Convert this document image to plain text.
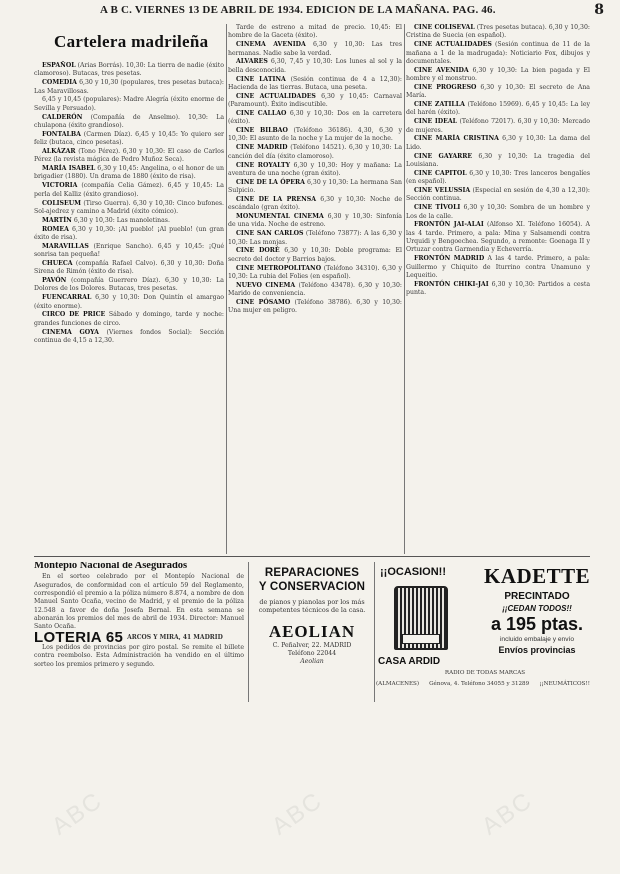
A B C. VIERNES 13 DE ABRIL DE 1934. EDICION DE LA MAÑANA. PAG. 46.	8
Cartelera madrileña

ESPAÑOL (Arias Borrás). 10,30: La tierra de nadie (éxito clamoroso). Butacas, tres pesetas.

COMEDIA 6,30 y 10,30 (populares, tres pesetas butaca): Las Maravillosas.

6,45 y 10,45 (populares): Madre Alegría (éxito enorme de Sevilla y Persuado).

CALDERÓN (Compañía de Anselmo). 10,30: La chulapona (éxito grandioso).

FONTALBA (Carmen Díaz). 6,45 y 10,45: Yo quiero ser feliz (butaca, cinco pesetas).

ALKÁZAR (Tono Pérez). 6,30 y 10,30: El caso de Carlos Pérez (la revista mágica de Pedro Muñoz Seca).

MARÍA ISABEL 6,30 y 10,45: Angelina, o el honor de un brigadier (1880). Un drama de 1880 (éxito de risa).

VICTORIA (compañía Celia Gámez). 6,45 y 10,45: La perla del Kalliz (éxito grandioso).

COLISEUM (Tirso Guerra). 6,30 y 10,30: Cinco bufones. Sol-ajedrez y camino a Madrid (éxito cómico).

MARTÍN 6,30 y 10,30: Las manoletinas.

ROMEA 6,30 y 10,30: ¡Al pueblo! ¡Al pueblo! (un gran éxito de risa).

MARAVILLAS (Enrique Sancho). 6,45 y 10,45: ¡Qué sonrisa tan pequeña!

CHUECA (compañía Rafael Calvo). 6,30 y 10,30: Doña Sirena de Rimón (éxito de risa).

PAVÓN (compañía Guerrero Díaz). 6,30 y 10,30: La Dolores de los Dolores. Butacas, tres pesetas.

FUENCARRAL 6,30 y 10,30: Don Quintín el amargao (éxito enorme).

CIRCO DE PRICE Sábado y domingo, tarde y noche: grandes funciones de circo.

CINEMA GOYA (Viernes fondos Social): Sección continua de 4,15 a 12,30.

Tarde de estreno a mitad de precio. 10,45: El hombre de la Gaceta (éxito).

CINEMA AVENIDA 6,30 y 10,30: Las tres hermanas. Nadie sabe la verdad.

ALVARES 6,30, 7,45 y 10,30: Los lunes al sol y la bella desconocida.

CINE LATINA (Sesión continua de 4 a 12,30): Hacienda de las tierras. Butaca, una peseta.

CINE ACTUALIDADES 6,30 y 10,45: Carnaval (Paramount). Éxito indiscutible.

CINE CALLAO 6,30 y 10,30: Dos en la carretera (éxito).

CINE BILBAO (Teléfono 36186). 4,30, 6,30 y 10,30: El asunto de la noche y La mujer de la noche.

CINE MADRID (Teléfono 14521). 6,30 y 10,30: La canción del día (éxito clamoroso).

CINE ROYALTY 6,30 y 10,30: Hoy y mañana: La aventura de una noche (gran éxito).

CINE DE LA ÓPERA 6,30 y 10,30: La hermana San Sulpicio.

CINE DE LA PRENSA 6,30 y 10,30: Noche de escándalo (gran éxito).

MONUMENTAL CINEMA 6,30 y 10,30: Sinfonía de una vida. Noche de estreno.

CINE SAN CARLOS (Teléfono 73877): A las 6,30 y 10,30: Las monjas.

CINE DORÉ 6,30 y 10,30: Doble programa: El secreto del doctor y Barrios bajos.

CINE METROPOLITANO (Teléfono 34310). 6,30 y 10,30: La rubia del Folies (en español).

NUEVO CINEMA (Teléfono 43478). 6,30 y 10,30: Marido de conveniencia.

CINE PÓSAMO (Teléfono 38786). 6,30 y 10,30: Una mujer en peligro.

CINE COLISEVAL (Tres pesetas butaca). 6,30 y 10,30: Cristina de Suecia (en español).

CINE ACTUALIDADES (Sesión continua de 11 de la mañana a 1 de la madrugada): Noticiario Fox, dibujos y documentales.

CINE AVENIDA 6,30 y 10,30: La bien pagada y El hombre y el monstruo.

CINE PROGRESO 6,30 y 10,30: El secreto de Ana María.

CINE ZATILLA (Teléfono 15969). 6,45 y 10,45: La ley del harén (éxito).

CINE IDEAL (Teléfono 72017). 6,30 y 10,30: Mercado de mujeres.

CINE MARÍA CRISTINA 6,30 y 10,30: La dama del Lido.

CINE GAYARRE 6,30 y 10,30: La tragedia del Louisiana.

CINE CAPITOL 6,30 y 10,30: Tres lanceros bengalíes (en español).

CINE VELUSSIA (Especial en sesión de 4,30 a 12,30): Sección continua.

CINE TÍVOLI 6,30 y 10,30: Sombra de un hombre y Los de la calle.

FRONTÓN JAI-ALAI (Alfonso XI. Teléfono 16054). A las 4 tarde. Primero, a pala: Mina y Salsamendi contra Urquidi y Bengoechea. Segundo, a remonte: Goenaga II y Ortuzar contra Garmendia y Echeverría.

FRONTÓN MADRID A las 4 tarde. Primero, a pala: Guillermo y Chiquito de Iturrino contra Unamuno y Lequeitio.

FRONTÓN CHIKI-JAI 6,30 y 10,30: Partidos a cesta punta.

Montepío Nacional de Asegurados

En el sorteo celebrado por el Montepío Nacional de Asegurados, de conformidad con el artículo 59 del Reglamento, correspondió el premio a la póliza número 8.874, a nombre de don Manuel Santo Ocaña, vecino de Madrid, y el premio de la póliza 12.548 a favor de doña Josefa Bernal. En esta semana se abonarán los premios del mes de abril de 1934. Director: Manuel Santo Ocaña.

LOTERIA 65 ARCOS Y MIRA, 41 MADRID

Los pedidos de provincias por giro postal. Se remite el billete contra reembolso. Esta Administración ha vendido en el último sorteo los premios primero y segundo.

REPARACIONES
Y CONSERVACION
de pianos y pianolas por los más competentes técnicos de la casa.
AEOLIAN
C. Peñalver, 22. MADRID
Teléfono 22044
Aeolian
¡¡OCASION!!
CASA ARDID
KADETTE
PRECINTADO
¡¡CEDAN TODOS!!
a 195 ptas.
incluido embalaje y envío
Envíos provincias
RADIO DE TODAS MARCAS
(ALMACENES) Génova, 4. Teléfono 34055 y 31289 ¡¡NEUMÁTICOS!!
ABC	ABC	ABC
